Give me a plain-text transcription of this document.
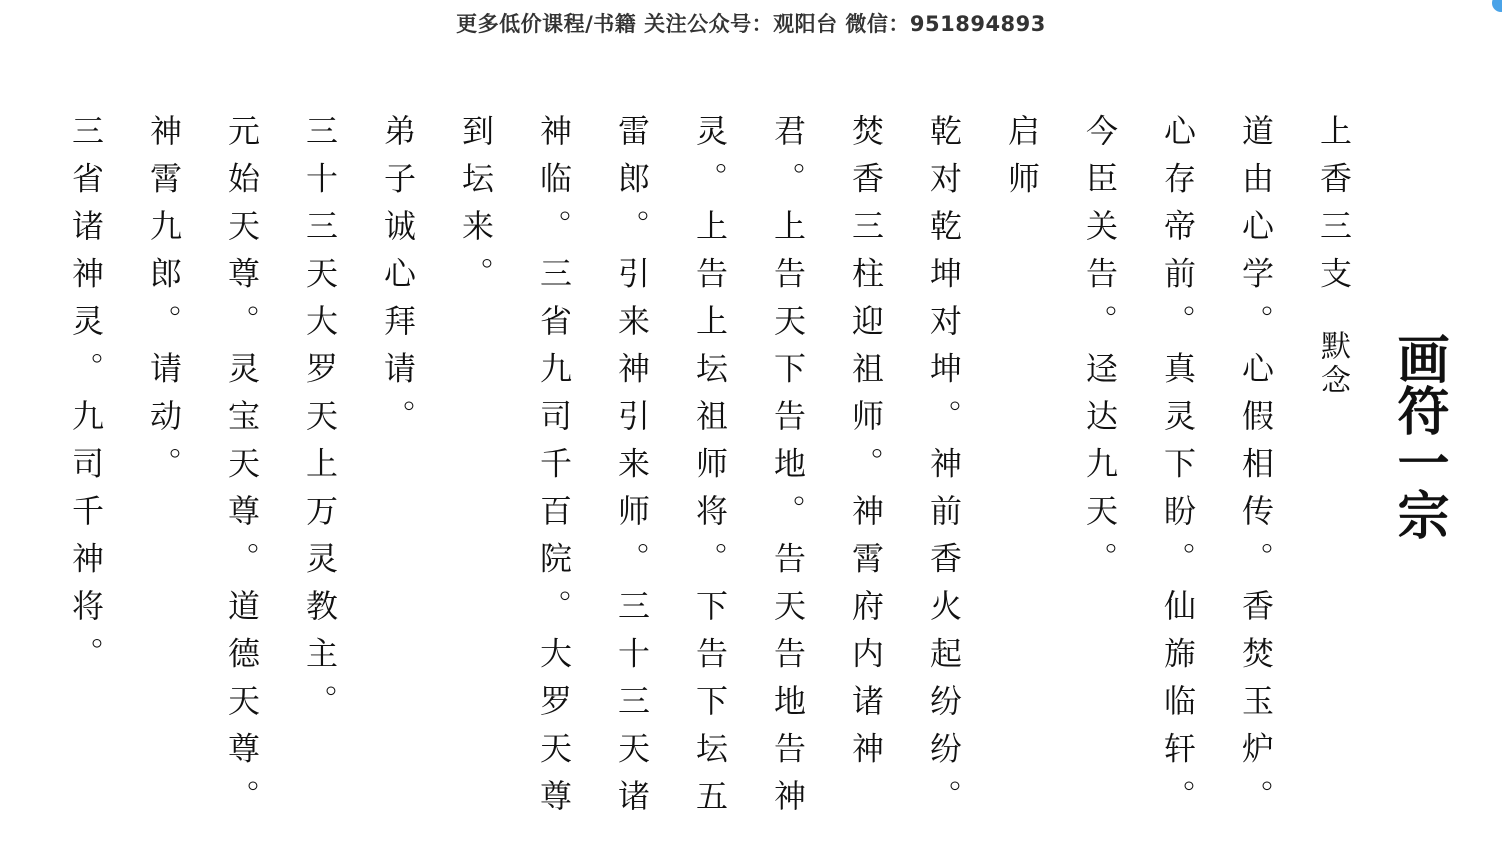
更多低价课程/书籍 关注公众号：观阳台 微信：951894893
画符一宗
上香三支
默念
道由心学。心假相传。香焚玉炉。
心存帝前。真灵下盼。仙旆临轩。
今臣关告。迳达九天。
启师
乾对乾坤对坤。神前香火起纷纷。
焚香三柱迎祖师。神霄府内诸神
君。上告天下告地。告天告地告神
灵。上告上坛祖师将。下告下坛五
雷郎。引来神引来师。三十三天诸
神临。三省九司千百院。大罗天尊
到坛来。
弟子诚心拜请。
三十三天大罗天上万灵教主。
元始天尊。灵宝天尊。道德天尊。
神霄九郎。请动。
三省诸神灵。九司千神将。
